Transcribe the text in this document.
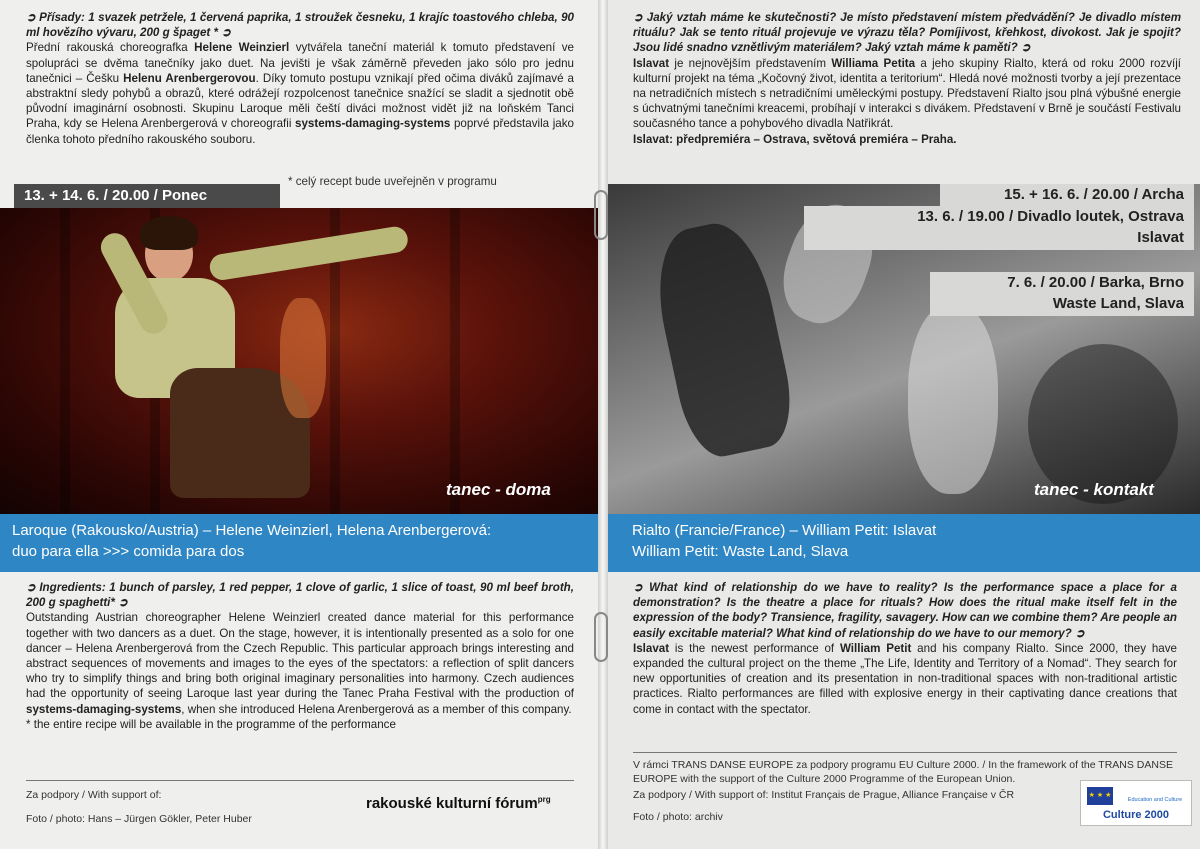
➲ Přísady: 1 svazek petržele, 1 červená paprika, 1 stroužek česneku, 1 krajíc toastového chleba, 90 ml hovězího vývaru, 200 g špaget * ➲
Přední rakouská choreografka Helene Weinzierl vytvářela taneční materiál k tomuto představení ve spolupráci se dvěma tanečníky jako duet. Na jevišti je však záměrně převeden jako sólo pro jednu tanečnici – Češku Helenu Arenbergerovou. Díky tomuto postupu vznikají před očima diváků zajímavé a abstraktní sledy pohybů a obrazů, které odrážejí rozpolcenost tanečnice snažící se sladit a sjednotit obě původní imaginární osobnosti. Skupinu Laroque měli čeští diváci možnost vidět již na loňském Tanci Praha, kdy se Helena Arenbergerová v choreografii systems-damaging-systems poprvé představila jako členka tohoto předního rakouského souboru.
* celý recept bude uveřejněn v programu
13. + 14. 6. / 20.00 / Ponec
tanec - doma
Laroque (Rakousko/Austria) – Helene Weinzierl, Helena Arenbergerová:
duo para ella >>> comida para dos
➲ Ingredients: 1 bunch of parsley, 1 red pepper, 1 clove of garlic, 1 slice of toast, 90 ml beef broth, 200 g spaghetti* ➲
Outstanding Austrian choreographer Helene Weinzierl created dance material for this performance together with two dancers as a duet. On the stage, however, it is intentionally presented as a solo for one dancer – Helena Arenbergerová from the Czech Republic. This particular approach brings interesting and abstract sequences of movements and images to the eyes of the spectators: a reflection of split dancers who try to simplify things and bring both original imaginary personalities into harmony. Czech audiences had the opportunity of seeing Laroque last year during the Tanec Praha Festival with the production of systems-damaging-systems, when she introduced Helena Arenbergerová as a member of this company.
* the entire recipe will be available in the programme of the performance
Za podpory / With support of:	rakouské kulturní fórum$^{prg}$
Foto / photo: Hans – Jürgen Gökler, Peter Huber
➲ Jaký vztah máme ke skutečnosti? Je místo představení místem předvádění? Je divadlo místem rituálu? Jak se tento rituál projevuje ve výrazu těla? Pomíjivost, křehkost, divokost. Jak je spojit? Jsou lidé snadno vznětlivým materiálem? Jaký vztah máme k paměti? ➲
Islavat je nejnovějším představením Williama Petita a jeho skupiny Rialto, která od roku 2000 rozvíjí kulturní projekt na téma „Kočovný život, identita a teritorium“. Hledá nové možnosti tvorby a její prezentace na netradičních místech s netradičními uměleckými postupy. Představení Rialto jsou plná výbušné energie s úchvatnými tanečními kreacemi, probíhají v interakci s divákem. Představení v Brně je součástí Festivalu současného tance a pohybového divadla Natřikrát.
Islavat: předpremiéra – Ostrava, světová premiéra – Praha.
tanec - kontakt
15. + 16. 6. / 20.00 / Archa
13. 6. / 19.00 / Divadlo loutek, Ostrava
Islavat
7. 6. / 20.00 / Barka, Brno
Waste Land, Slava
Rialto (Francie/France) – William Petit: Islavat
William Petit: Waste Land, Slava
➲ What kind of relationship do we have to reality? Is the performance space a place for a demonstration? Is the theatre a place for rituals? How does the ritual make itself felt in the expression of the body? Transience, fragility, savagery. How can we combine them? Are people an easily excitable material? What kind of relationship do we have to our memory? ➲
Islavat is the newest performance of William Petit and his company Rialto. Since 2000, they have expanded the cultural project on the theme „The Life, Identity and Territory of a Nomad“. They search for new opportunities of creation and its presentation in non-traditional spaces with non-traditional artistic practices. Rialto performances are filled with explosive energy in their captivating dance creations that come in contact with the spectator.
V rámci TRANS DANSE EUROPE za podpory programu EU Culture 2000. / In the framework of the TRANS DANSE EUROPE with the support of the Culture 2000 Programme of the European Union.
Za podpory / With support of: Institut Français de Prague, Alliance Française v ČR
Foto / photo: archiv
★ ★ ★
Education and Culture
Culture 2000
